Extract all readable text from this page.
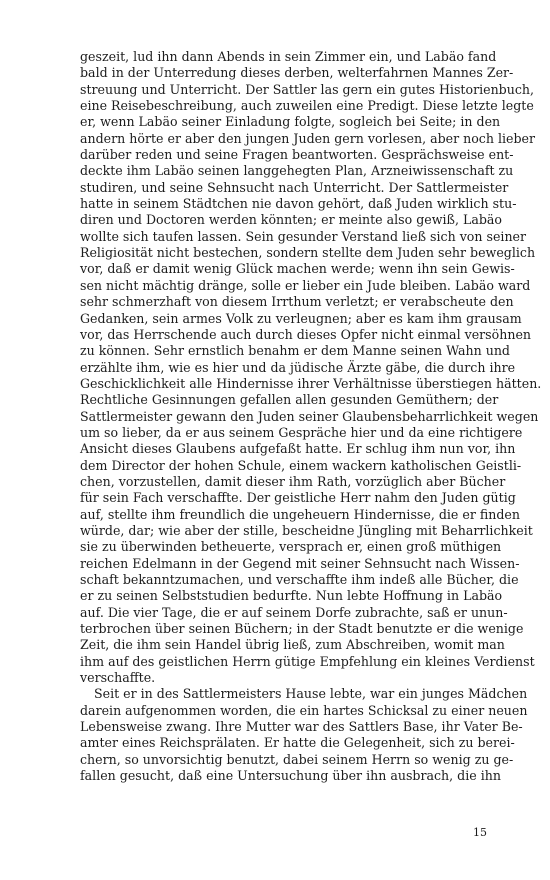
geszeit, lud ihn dann Abends in sein Zimmer ein, und Labäo fand
bald in der Unterredung dieses derben, welterfahrnen Mannes Zer-
streuung und Unterricht. Der Sattler las gern ein gutes Historienbuch,
eine Reisebeschreibung, auch zuweilen eine Predigt. Diese letzte legte
er, wenn Labäo seiner Einladung folgte, sogleich bei Seite; in den
andern hörte er aber den jungen Juden gern vorlesen, aber noch lieber
darüber reden und seine Fragen beantworten. Gesprächsweise ent-
deckte ihm Labäo seinen langgehegten Plan, Arzneiwissenschaft zu
studiren, und seine Sehnsucht nach Unterricht. Der Sattlermeister
hatte in seinem Städtchen nie davon gehört, daß Juden wirklich stu-
diren und Doctoren werden könnten; er meinte also gewiß, Labäo
wollte sich taufen lassen. Sein gesunder Verstand ließ sich von seiner
Religiosität nicht bestechen, sondern stellte dem Juden sehr beweglich
vor, daß er damit wenig Glück machen werde; wenn ihn sein Gewis-
sen nicht mächtig dränge, solle er lieber ein Jude bleiben. Labäo ward
sehr schmerzhaft von diesem Irrthum verletzt; er verabscheute den
Gedanken, sein armes Volk zu verleugnen; aber es kam ihm grausam
vor, das Herrschende auch durch dieses Opfer nicht einmal versöhnen
zu können. Sehr ernstlich benahm er dem Manne seinen Wahn und
erzählte ihm, wie es hier und da jüdische Ärzte gäbe, die durch ihre
Geschicklichkeit alle Hindernisse ihrer Verhältnisse überstiegen hätten.
Rechtliche Gesinnungen gefallen allen gesunden Gemüthern; der
Sattlermeister gewann den Juden seiner Glaubensbeharrlichkeit wegen
um so lieber, da er aus seinem Gespräche hier und da eine richtigere
Ansicht dieses Glaubens aufgefaßt hatte. Er schlug ihm nun vor, ihn
dem Director der hohen Schule, einem wackern katholischen Geistli-
chen, vorzustellen, damit dieser ihm Rath, vorzüglich aber Bücher
für sein Fach verschaffte. Der geistliche Herr nahm den Juden gütig
auf, stellte ihm freundlich die ungeheuern Hindernisse, die er finden
würde, dar; wie aber der stille, bescheidne Jüngling mit Beharrlichkeit
sie zu überwinden betheuerte, versprach er, einen groß müthigen
reichen Edelmann in der Gegend mit seiner Sehnsucht nach Wissen-
schaft bekanntzumachen, und verschaffte ihm indeß alle Bücher, die
er zu seinen Selbststudien bedurfte. Nun lebte Hoffnung in Labäo
auf. Die vier Tage, die er auf seinem Dorfe zubrachte, saß er unun-
terbrochen über seinen Büchern; in der Stadt benutzte er die wenige
Zeit, die ihm sein Handel übrig ließ, zum Abschreiben, womit man
ihm auf des geistlichen Herrn gütige Empfehlung ein kleines Verdienst
verschaffte.
Seit er in des Sattlermeisters Hause lebte, war ein junges Mädchen
darein aufgenommen worden, die ein hartes Schicksal zu einer neuen
Lebensweise zwang. Ihre Mutter war des Sattlers Base, ihr Vater Be-
amter eines Reichsprälaten. Er hatte die Gelegenheit, sich zu berei-
chern, so unvorsichtig benutzt, dabei seinem Herrn so wenig zu ge-
fallen gesucht, daß eine Untersuchung über ihn ausbrach, die ihn
15
